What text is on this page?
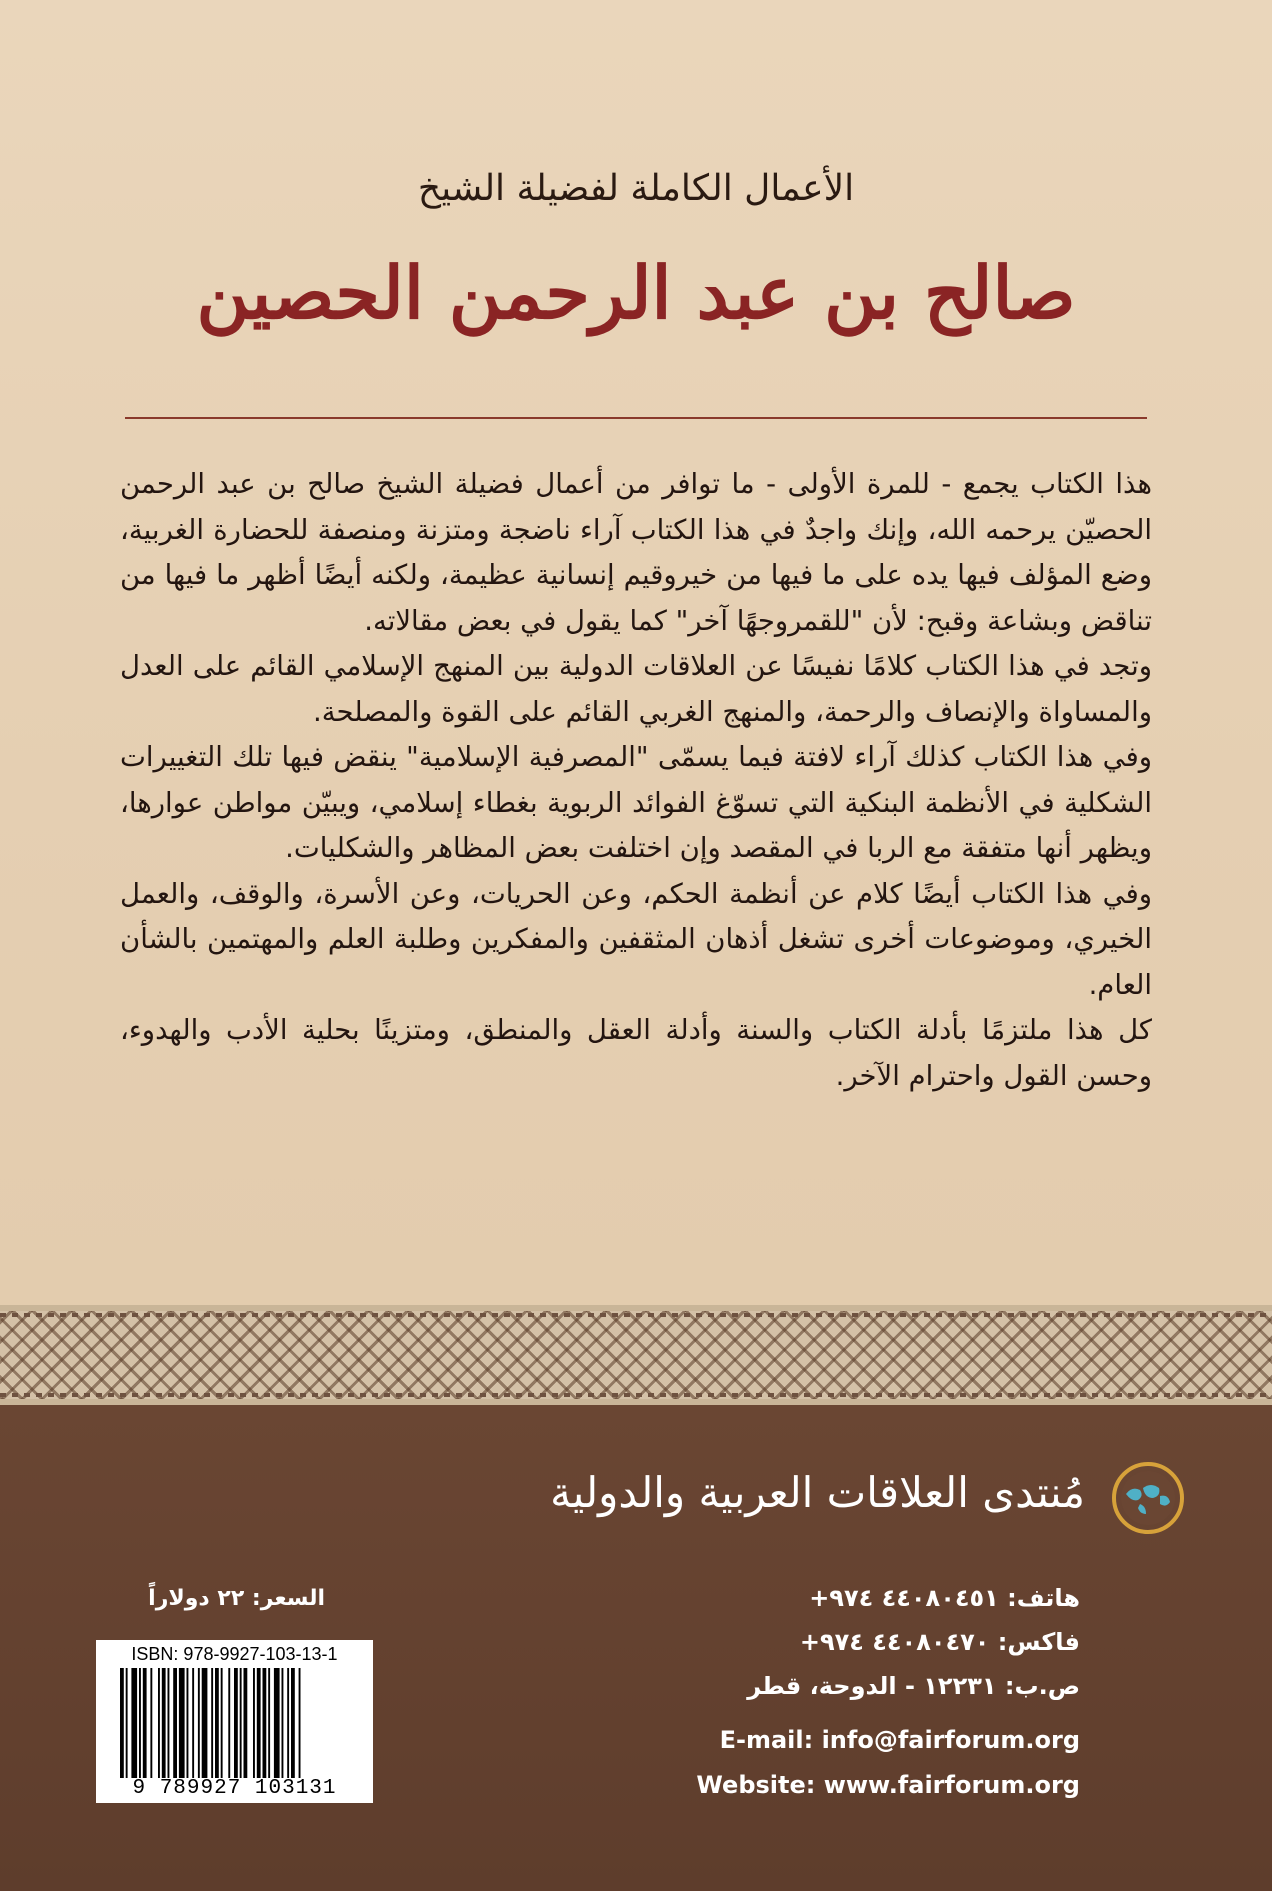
الأعمال الكاملة لفضيلة الشيخ
صالح بن عبد الرحمن الحصين

هذا الكتاب يجمع - للمرة الأولى - ما توافر من أعمال فضيلة الشيخ صالح بن عبد الرحمن الحصيّن يرحمه الله، وإنك واجدٌ في هذا الكتاب آراء ناضجة ومتزنة ومنصفة للحضارة الغربية، وضع المؤلف فيها يده على ما فيها من خيروقيم إنسانية عظيمة، ولكنه أيضًا أظهر ما فيها من تناقض وبشاعة وقبح: لأن "للقمروجهًا آخر" كما يقول في بعض مقالاته.

وتجد في هذا الكتاب كلامًا نفيسًا عن العلاقات الدولية بين المنهج الإسلامي القائم على العدل والمساواة والإنصاف والرحمة، والمنهج الغربي القائم على القوة والمصلحة.

وفي هذا الكتاب كذلك آراء لافتة فيما يسمّى "المصرفية الإسلامية" ينقض فيها تلك التغييرات الشكلية في الأنظمة البنكية التي تسوّغ الفوائد الربوية بغطاء إسلامي، ويبيّن مواطن عوارها، ويظهر أنها متفقة مع الربا في المقصد وإن اختلفت بعض المظاهر والشكليات.

وفي هذا الكتاب أيضًا كلام عن أنظمة الحكم، وعن الحريات، وعن الأسرة، والوقف، والعمل الخيري، وموضوعات أخرى تشغل أذهان المثقفين والمفكرين وطلبة العلم والمهتمين بالشأن العام.

كل هذا ملتزمًا بأدلة الكتاب والسنة وأدلة العقل والمنطق، ومتزينًا بحلية الأدب والهدوء، وحسن القول واحترام الآخر.

مُنتدى العلاقات العربية والدولية
هاتف: ٤٤٠٨٠٤٥١ ٩٧٤+
فاكس: ٤٤٠٨٠٤٧٠ ٩٧٤+
ص.ب: ١٢٢٣١ - الدوحة، قطر
E-mail: info@fairforum.org
Website: www.fairforum.org
السعر: ٢٢ دولاراً
ISBN: 978-9927-103-13-1
9 789927 103131
